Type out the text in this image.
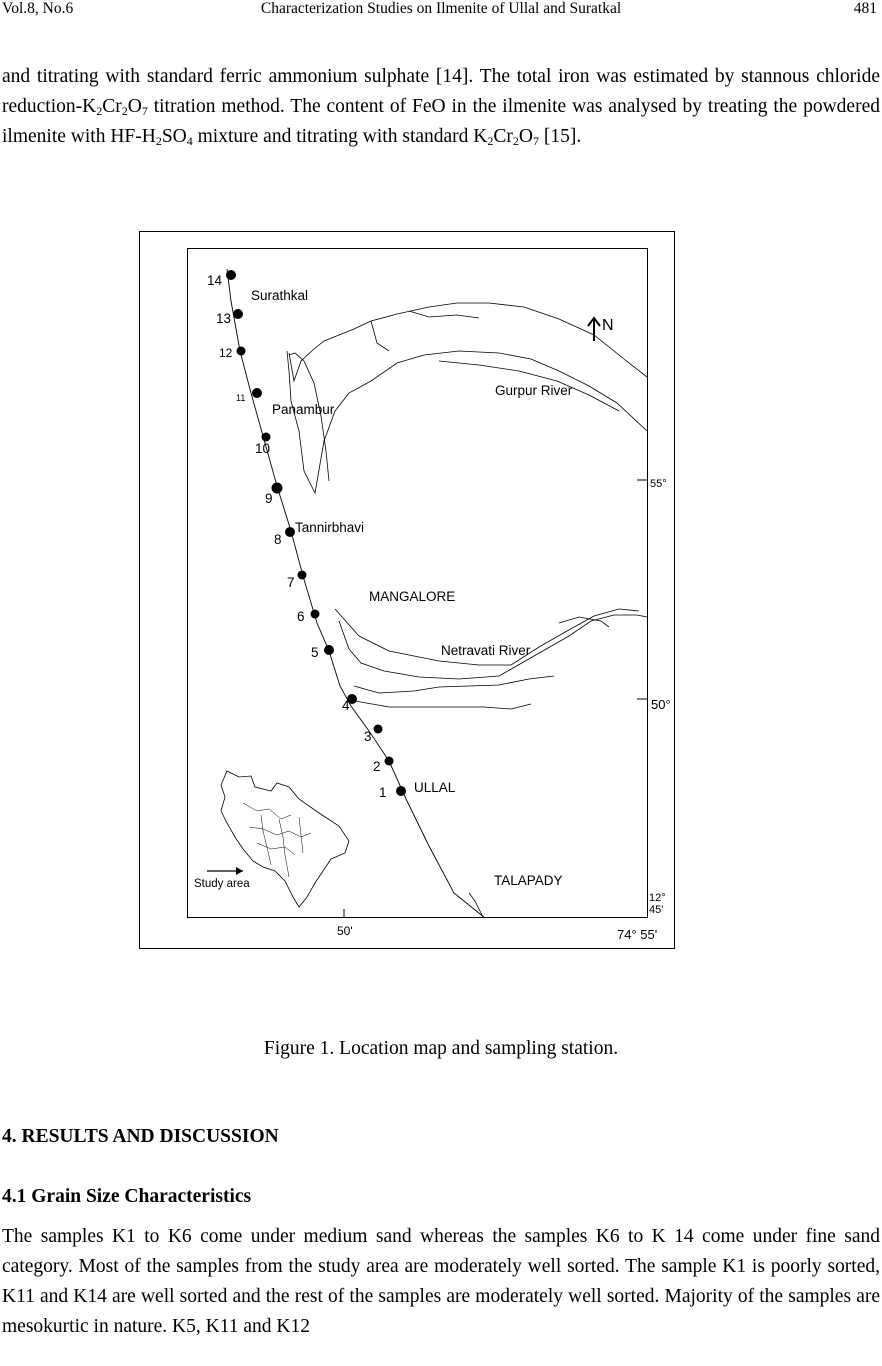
Vol.8, No.6	Characterization Studies on Ilmenite of Ullal and Suratkal	481

and titrating with standard ferric ammonium sulphate [14]. The total iron was estimated by stannous chloride reduction-$K_2Cr_2O_7$ titration method. The content of FeO in the ilmenite was analysed by treating the powdered ilmenite with $HF-H_2SO_4$ mixture and titrating with standard $K_2Cr_2O_7$ [15].

Study area
N
14
13
12
11
10
9
8
7
6
5
4
3
2
1
Surathkal
Panambur
Tannirbhavi
MANGALORE
Gurpur River
Netravati River
ULLAL
TALAPADY
55°
50°
12°
45'
50'	74° 55'
Figure 1. Location map and sampling station.
4. RESULTS AND DISCUSSION
4.1 Grain Size Characteristics

The samples K1 to K6 come under medium sand whereas the samples K6 to K 14 come under fine sand category. Most of the samples from the study area are moderately well sorted. The sample K1 is poorly sorted, K11 and K14 are well sorted and the rest of the samples are moderately well sorted. Majority of the samples are mesokurtic in nature. K5, K11 and K12
